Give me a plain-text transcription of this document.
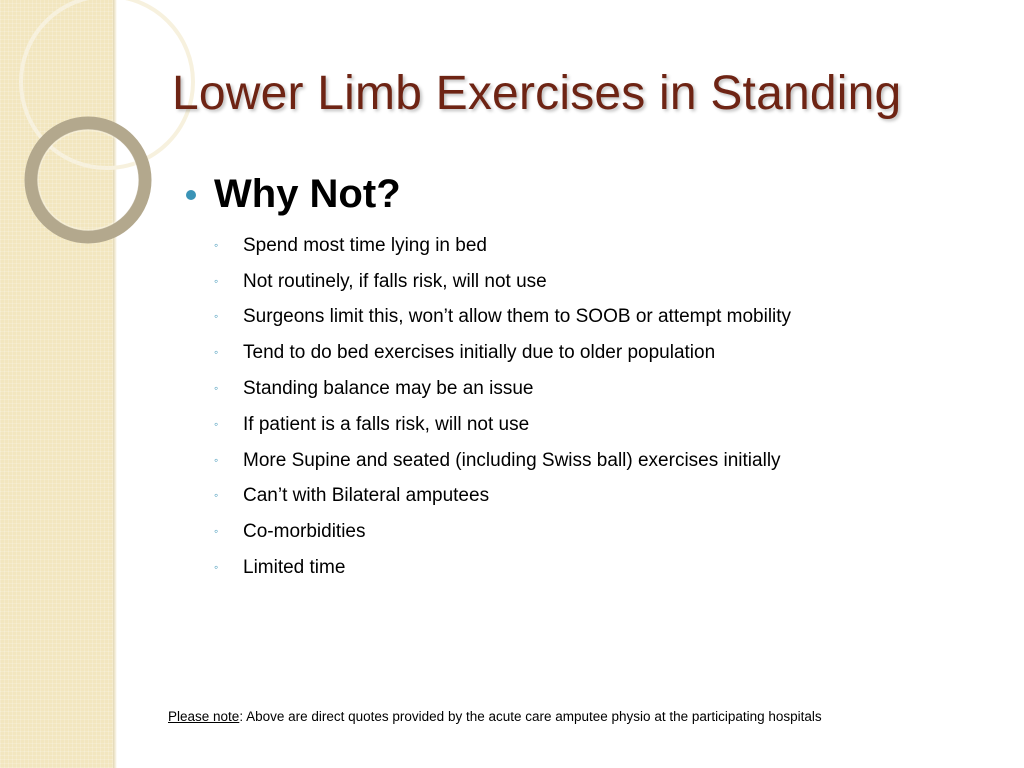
Lower Limb Exercises in Standing
Why Not?
◦	Spend most time lying in bed
◦	Not routinely, if falls risk, will not use
◦	Surgeons limit this, won’t allow them to SOOB or attempt mobility
◦	Tend to do bed exercises initially due to older population
◦	Standing balance may be an issue
◦	If patient is a falls risk, will not use
◦	More Supine and seated (including Swiss ball) exercises initially
◦	Can’t with Bilateral amputees
◦	Co-morbidities
◦	Limited time
Please note: Above are direct quotes provided by the acute care amputee physio at the participating hospitals
